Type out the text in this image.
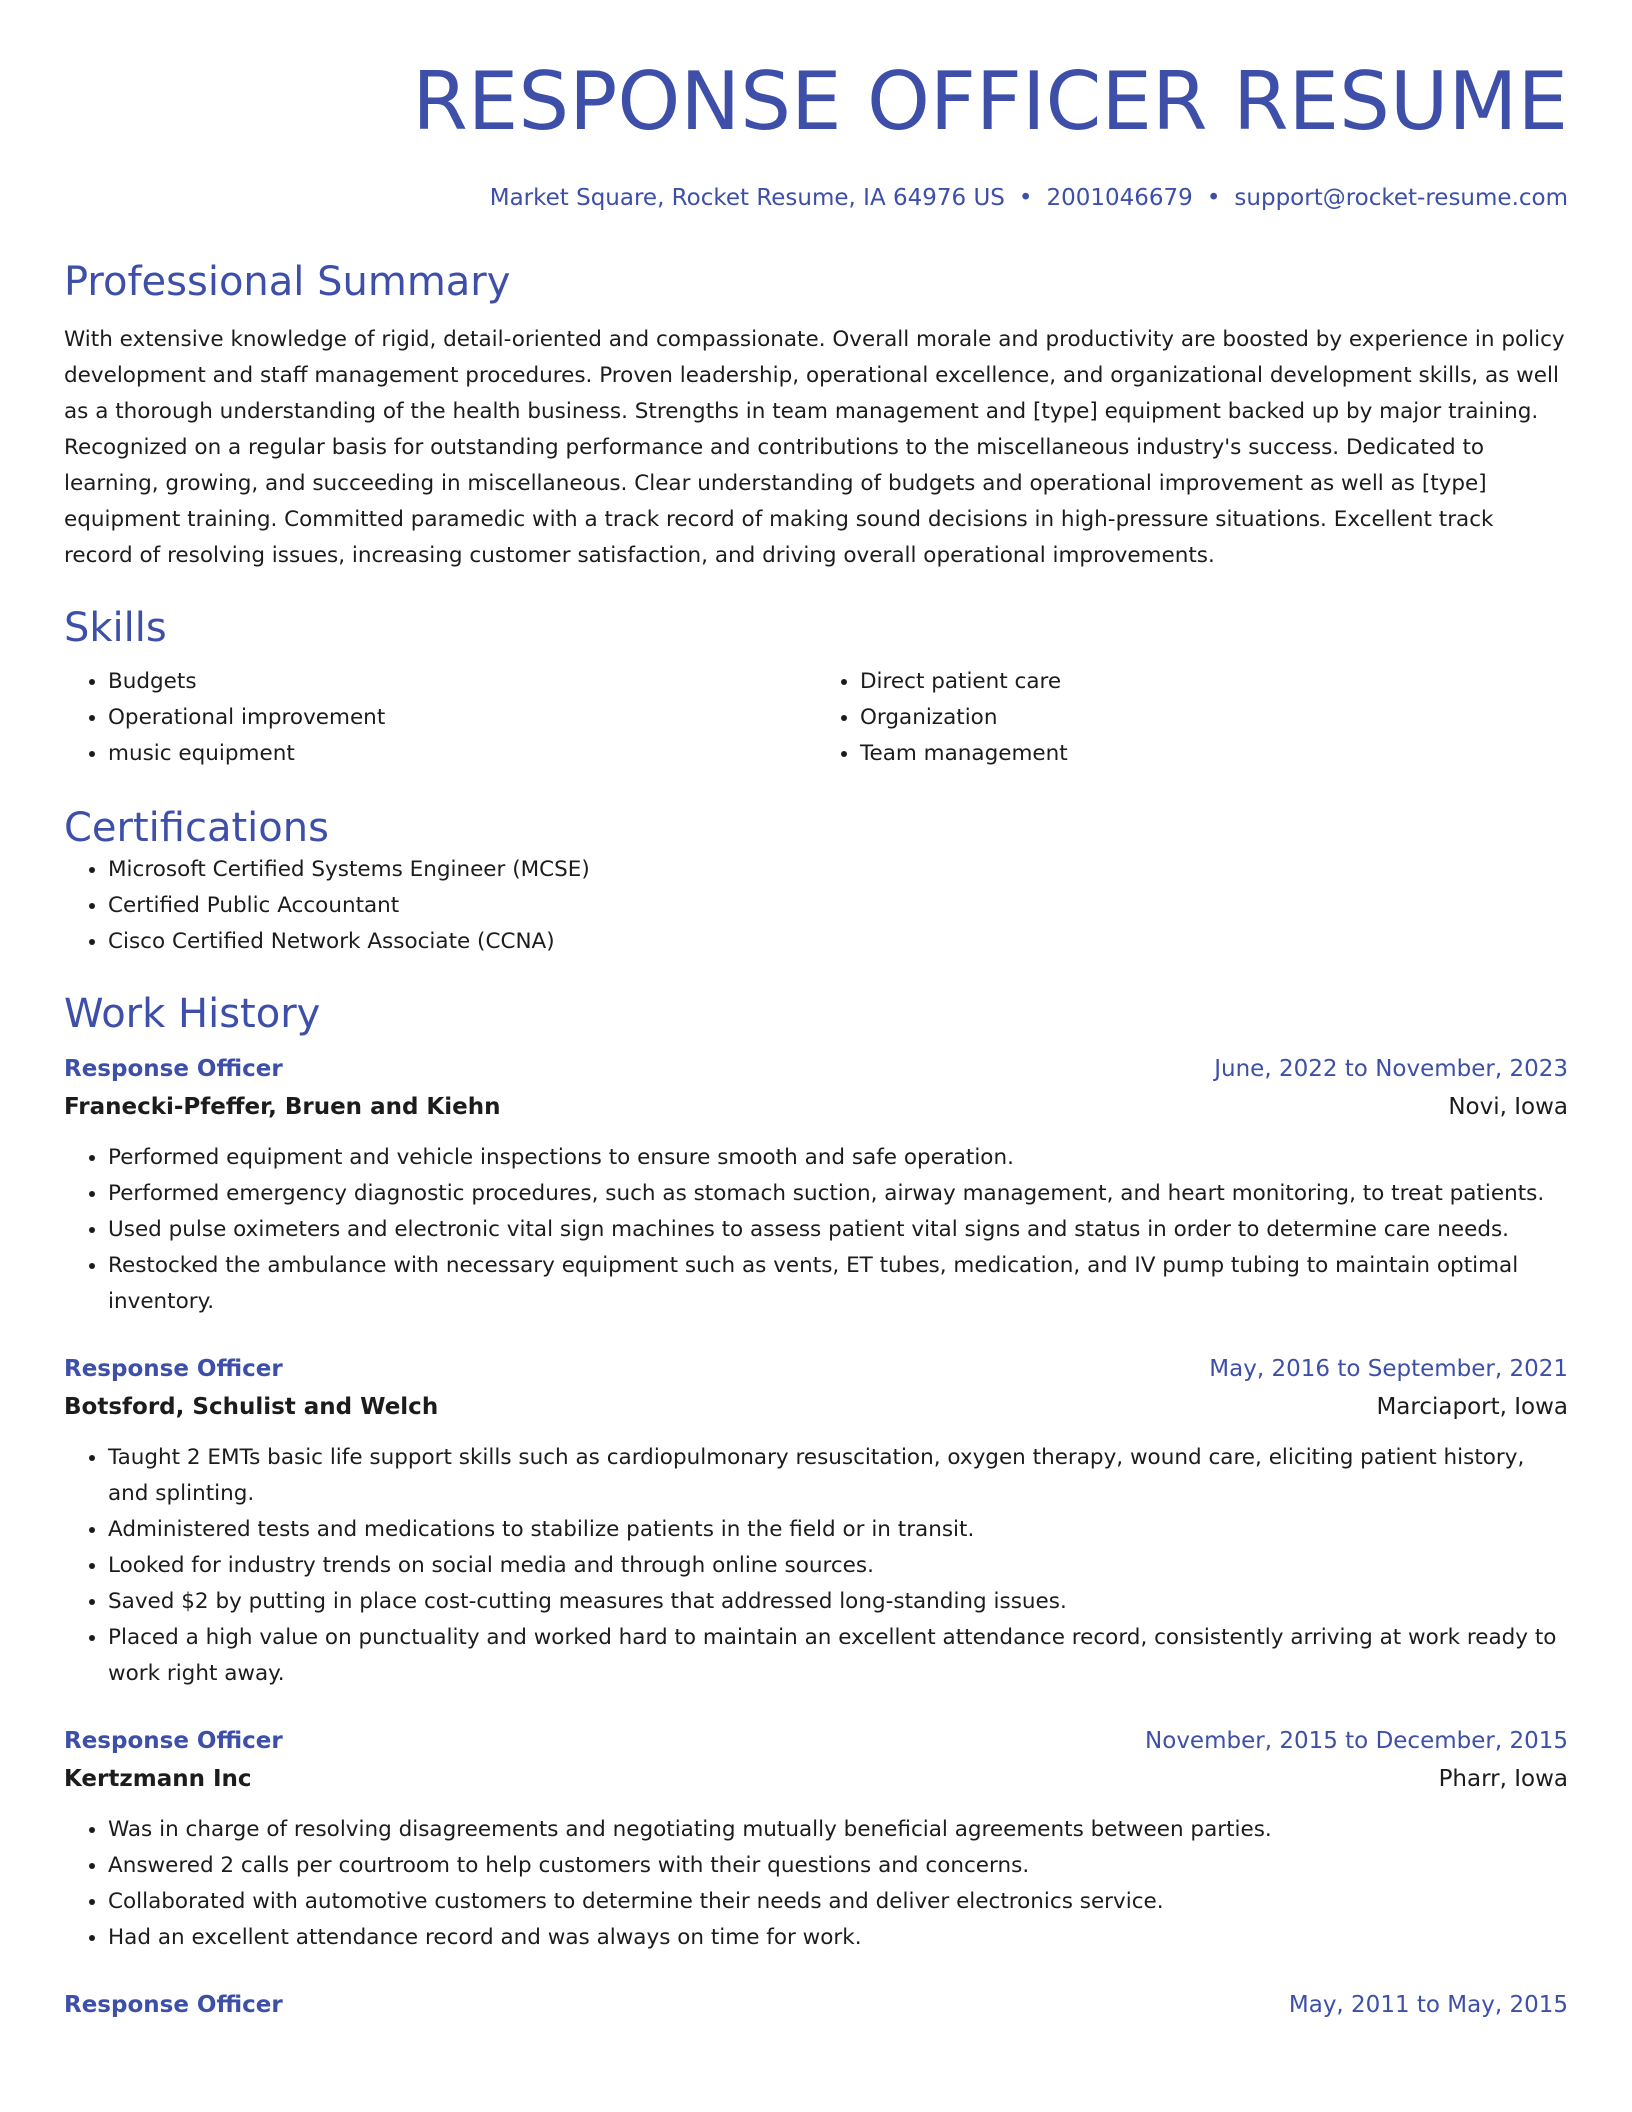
RESPONSE OFFICER RESUME
Market Square, Rocket Resume, IA 64976 US • 2001046679 • support@rocket-resume.com
Professional Summary
With extensive knowledge of rigid, detail-oriented and compassionate. Overall morale and productivity are boosted by experience in policy development and staff management procedures. Proven leadership, operational excellence, and organizational development skills, as well as a thorough understanding of the health business. Strengths in team management and [type] equipment backed up by major training. Recognized on a regular basis for outstanding performance and contributions to the miscellaneous industry's success. Dedicated to learning, growing, and succeeding in miscellaneous. Clear understanding of budgets and operational improvement as well as [type] equipment training. Committed paramedic with a track record of making sound decisions in high-pressure situations. Excellent track record of resolving issues, increasing customer satisfaction, and driving overall operational improvements.
Skills
• Budgets
• Operational improvement
• music equipment
• Direct patient care
• Organization
• Team management
Certifications
• Microsoft Certified Systems Engineer (MCSE)
• Certified Public Accountant
• Cisco Certified Network Associate (CCNA)
Work History
Response Officer	June, 2022 to November, 2023
Franecki-Pfeffer, Bruen and Kiehn	Novi, Iowa
• Performed equipment and vehicle inspections to ensure smooth and safe operation.
• Performed emergency diagnostic procedures, such as stomach suction, airway management, and heart monitoring, to treat patients.
• Used pulse oximeters and electronic vital sign machines to assess patient vital signs and status in order to determine care needs.
• Restocked the ambulance with necessary equipment such as vents, ET tubes, medication, and IV pump tubing to maintain optimal inventory.
Response Officer	May, 2016 to September, 2021
Botsford, Schulist and Welch	Marciaport, Iowa
• Taught 2 EMTs basic life support skills such as cardiopulmonary resuscitation, oxygen therapy, wound care, eliciting patient history, and splinting.
• Administered tests and medications to stabilize patients in the field or in transit.
• Looked for industry trends on social media and through online sources.
• Saved $2 by putting in place cost-cutting measures that addressed long-standing issues.
• Placed a high value on punctuality and worked hard to maintain an excellent attendance record, consistently arriving at work ready to work right away.
Response Officer	November, 2015 to December, 2015
Kertzmann Inc	Pharr, Iowa
• Was in charge of resolving disagreements and negotiating mutually beneficial agreements between parties.
• Answered 2 calls per courtroom to help customers with their questions and concerns.
• Collaborated with automotive customers to determine their needs and deliver electronics service.
• Had an excellent attendance record and was always on time for work.
Response Officer	May, 2011 to May, 2015
